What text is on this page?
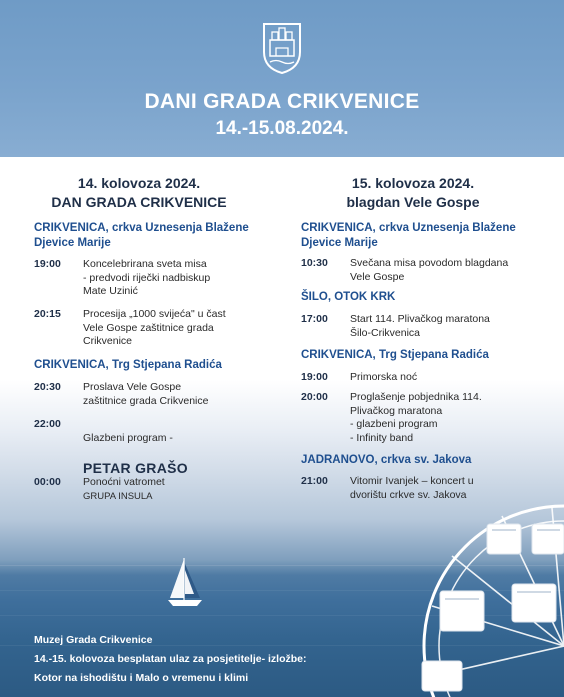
DANI GRADA CRIKVENICE
14.-15.08.2024.
14. kolovoza 2024.
DAN GRADA CRIKVENICE
15. kolovoza 2024.
blagdan Vele Gospe
CRIKVENICA, crkva Uznesenja Blažene
Djevice Marije
19:00 Koncelebrirana sveta misa
- predvodi riječki nadbiskup
Mate Uzinić
20:15 Procesija „1000 svijeća" u čast
Vele Gospe zaštitnice grada
Crikvenice
CRIKVENICA, Trg Stjepana Radića
20:30 Proslava Vele Gospe
zaštitnice grada Crikvenice
22:00

Glazbeni program -

PETAR GRAŠO

GRUPA INSULA

00:00 Ponoćni vatromet
CRIKVENICA, crkva Uznesenja Blažene
Djevice Marije
10:30 Svečana misa povodom blagdana
Vele Gospe
ŠILO, OTOK KRK
17:00 Start 114. Plivačkog maratona
Šilo-Crikvenica
CRIKVENICA, Trg Stjepana Radića
19:00 Primorska noć
20:00 Proglašenje pobjednika 114.
Plivačkog maratona
- glazbeni program
- Infinity band
JADRANOVO, crkva sv. Jakova
21:00 Vitomir Ivanjek – koncert u
dvorištu crkve sv. Jakova
Muzej Grada Crikvenice
14.-15. kolovoza besplatan ulaz za posjetitelje- izložbe:
Kotor na ishodištu i Malo o vremenu i klimi
